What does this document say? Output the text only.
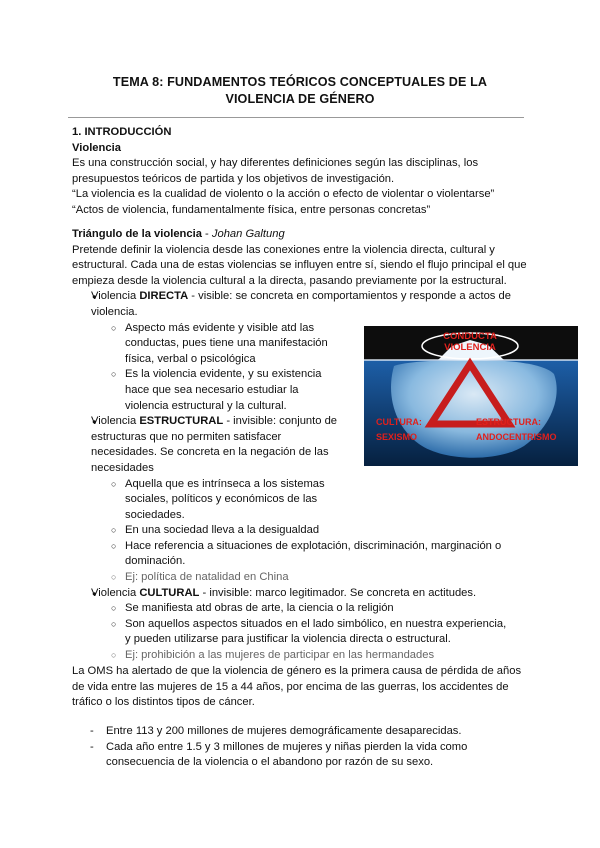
TEMA 8: FUNDAMENTOS TEÓRICOS CONCEPTUALES DE LA
VIOLENCIA DE GÉNERO

1. INTRODUCCIÓN

Violencia

Es una construcción social, y hay diferentes definiciones según las disciplinas, los

presupuestos teóricos de partida y los objetivos de investigación.

“La violencia es la cualidad de violento o la acción o efecto de violentar o violentarse”

“Actos de violencia, fundamentalmente física, entre personas concretas”

Triángulo de la violencia - Johan Galtung

Pretende definir la violencia desde las conexiones entre la violencia directa, cultural y

estructural. Cada una de estas violencias se influyen entre sí, siendo el flujo principal el que

empieza desde la violencia cultural a la directa, pasando previamente por la estructural.

● Violencia DIRECTA - visible: se concreta en comportamientos y responde a actos de
violencia.
○ Aspecto más evidente y visible atd las
conductas, pues tiene una manifestación
física, verbal o psicológica
○ Es la violencia evidente, y su existencia
hace que sea necesario estudiar la
violencia estructural y la cultural.
● Violencia ESTRUCTURAL - invisible: conjunto de
estructuras que no permiten satisfacer
necesidades. Se concreta en la negación de las
necesidades
○ Aquella que es intrínseca a los sistemas
sociales, políticos y económicos de las
sociedades.
○ En una sociedad lleva a la desigualdad
○ Hace referencia a situaciones de explotación, discriminación, marginación o
dominación.
○ Ej: política de natalidad en China
● Violencia CULTURAL - invisible: marco legitimador. Se concreta en actitudes.
○ Se manifiesta atd obras de arte, la ciencia o la religión
○ Son aquellos aspectos situados en el lado simbólico, en nuestra experiencia,
y pueden utilizarse para justificar la violencia directa o estructural.
○ Ej: prohibición a las mujeres de participar en las hermandades
CONDUCTA
VIOLENCIA
CULTURA:
SEXISMO
ESTRUCTURA:
ANDOCENTRISMO

La OMS ha alertado de que la violencia de género es la primera causa de pérdida de años

de vida entre las mujeres de 15 a 44 años, por encima de las guerras, los accidentes de

tráfico o los distintos tipos de cáncer.

- Entre 113 y 200 millones de mujeres demográficamente desaparecidas.
- Cada año entre 1.5 y 3 millones de mujeres y niñas pierden la vida como
consecuencia de la violencia o el abandono por razón de su sexo.
